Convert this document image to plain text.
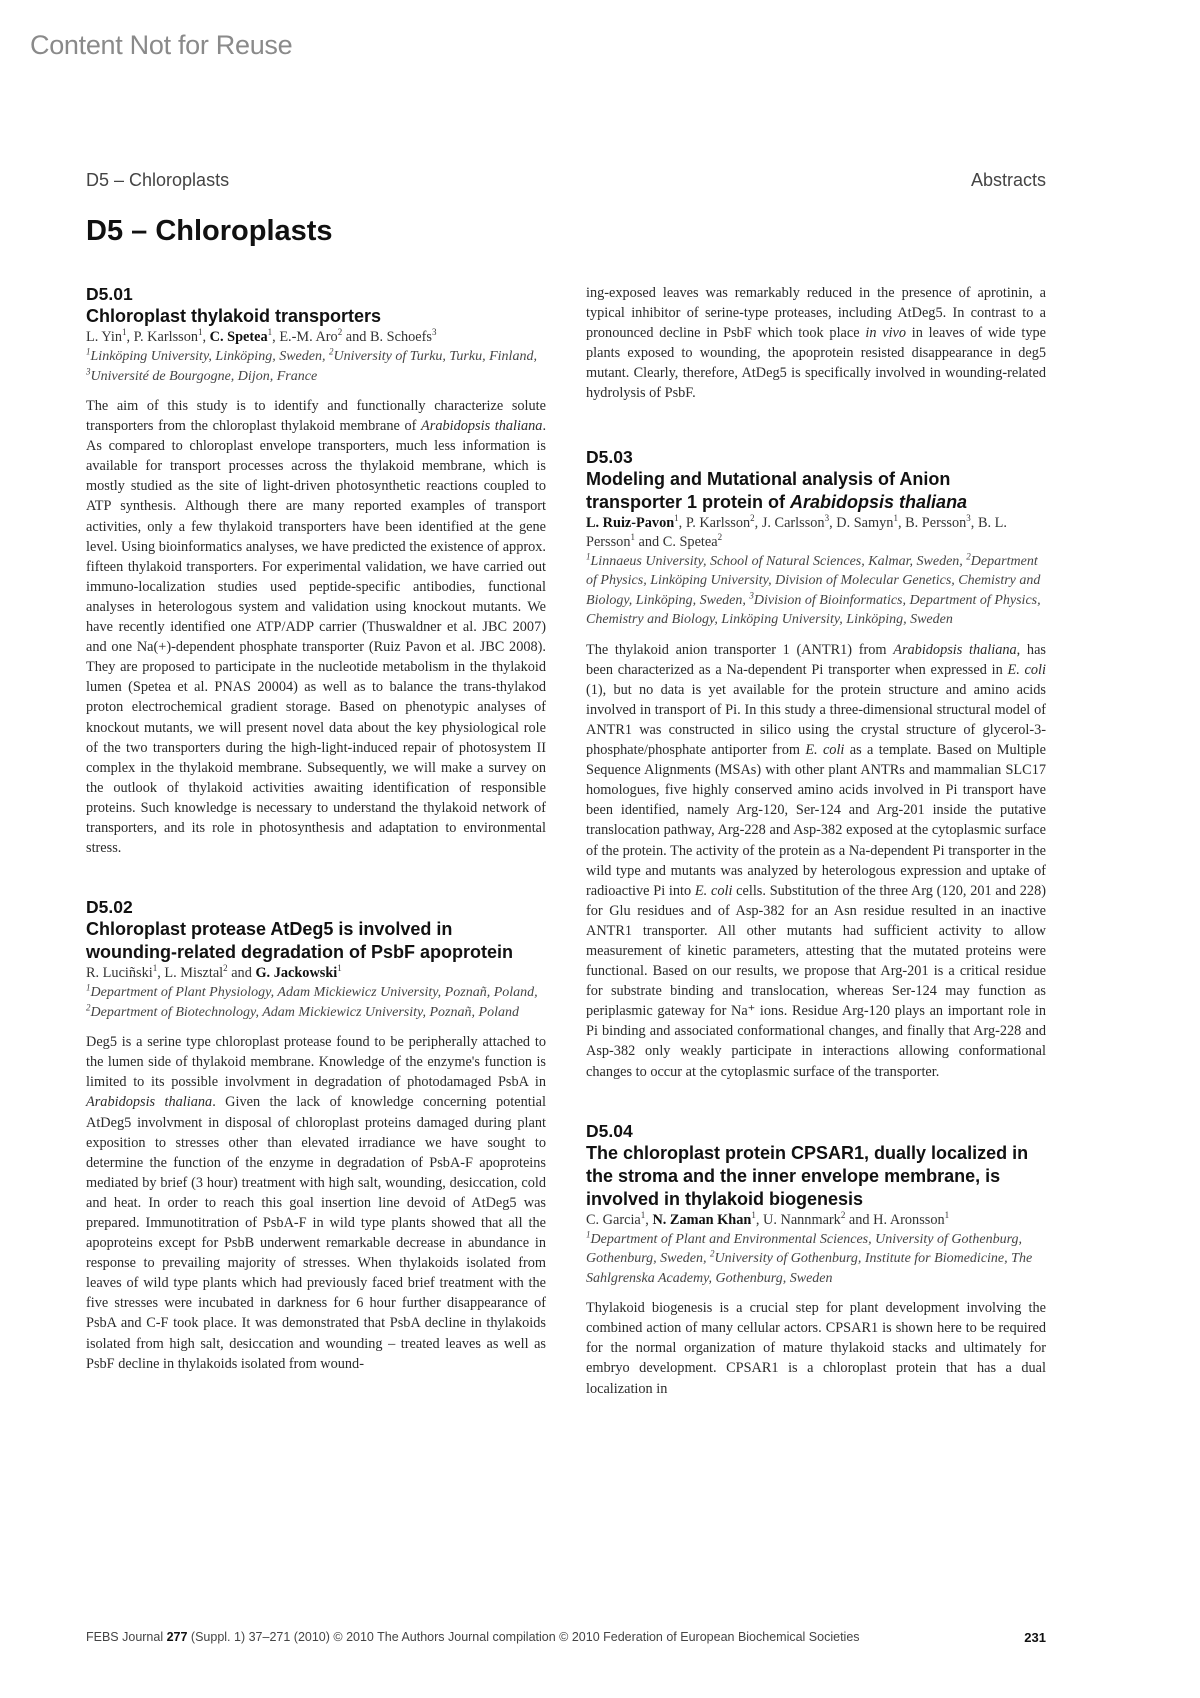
Content Not for Reuse
D5 – Chloroplasts	Abstracts
D5 – Chloroplasts
D5.01
Chloroplast thylakoid transporters
L. Yin$^1$, P. Karlsson$^1$, C. Spetea$^1$, E.-M. Aro$^2$ and B. Schoefs$^3$
$^1$Linköping University, Linköping, Sweden, $^2$University of Turku, Turku, Finland, $^3$Université de Bourgogne, Dijon, France
The aim of this study is to identify and functionally characterize solute transporters from the chloroplast thylakoid membrane of Arabidopsis thaliana. As compared to chloroplast envelope transporters, much less information is available for transport processes across the thylakoid membrane, which is mostly studied as the site of light-driven photosynthetic reactions coupled to ATP synthesis. Although there are many reported examples of transport activities, only a few thylakoid transporters have been identified at the gene level. Using bioinformatics analyses, we have predicted the existence of approx. fifteen thylakoid transporters. For experimental validation, we have carried out immuno-localization studies used peptide-specific antibodies, functional analyses in heterologous system and validation using knockout mutants. We have recently identified one ATP/ADP carrier (Thuswaldner et al. JBC 2007) and one Na(+)-dependent phosphate transporter (Ruiz Pavon et al. JBC 2008). They are proposed to participate in the nucleotide metabolism in the thylakoid lumen (Spetea et al. PNAS 20004) as well as to balance the trans-thylakod proton electrochemical gradient storage. Based on phenotypic analyses of knockout mutants, we will present novel data about the key physiological role of the two transporters during the high-light-induced repair of photosystem II complex in the thylakoid membrane. Subsequently, we will make a survey on the outlook of thylakoid activities awaiting identification of responsible proteins. Such knowledge is necessary to understand the thylakoid network of transporters, and its role in photosynthesis and adaptation to environmental stress.
D5.02
Chloroplast protease AtDeg5 is involved in wounding-related degradation of PsbF apoprotein
R. Luciñski$^1$, L. Misztal$^2$ and G. Jackowski$^1$
$^1$Department of Plant Physiology, Adam Mickiewicz University, Poznañ, Poland, $^2$Department of Biotechnology, Adam Mickiewicz University, Poznañ, Poland
Deg5 is a serine type chloroplast protease found to be peripherally attached to the lumen side of thylakoid membrane. Knowledge of the enzyme's function is limited to its possible involvment in degradation of photodamaged PsbA in Arabidopsis thaliana. Given the lack of knowledge concerning potential AtDeg5 involvment in disposal of chloroplast proteins damaged during plant exposition to stresses other than elevated irradiance we have sought to determine the function of the enzyme in degradation of PsbA-F apoproteins mediated by brief (3 hour) treatment with high salt, wounding, desiccation, cold and heat. In order to reach this goal insertion line devoid of AtDeg5 was prepared. Immunotitration of PsbA-F in wild type plants showed that all the apoproteins except for PsbB underwent remarkable decrease in abundance in response to prevailing majority of stresses. When thylakoids isolated from leaves of wild type plants which had previously faced brief treatment with the five stresses were incubated in darkness for 6 hour further disappearance of PsbA and C-F took place. It was demonstrated that PsbA decline in thylakoids isolated from high salt, desiccation and wounding – treated leaves as well as PsbF decline in thylakoids isolated from wound-
ing-exposed leaves was remarkably reduced in the presence of aprotinin, a typical inhibitor of serine-type proteases, including AtDeg5. In contrast to a pronounced decline in PsbF which took place in vivo in leaves of wide type plants exposed to wounding, the apoprotein resisted disappearance in deg5 mutant. Clearly, therefore, AtDeg5 is specifically involved in wounding-related hydrolysis of PsbF.
D5.03
Modeling and Mutational analysis of Anion transporter 1 protein of Arabidopsis thaliana
L. Ruiz-Pavon$^1$, P. Karlsson$^2$, J. Carlsson$^3$, D. Samyn$^1$, B. Persson$^3$, B. L. Persson$^1$ and C. Spetea$^2$
$^1$Linnaeus University, School of Natural Sciences, Kalmar, Sweden, $^2$Department of Physics, Linköping University, Division of Molecular Genetics, Chemistry and Biology, Linköping, Sweden, $^3$Division of Bioinformatics, Department of Physics, Chemistry and Biology, Linköping University, Linköping, Sweden
The thylakoid anion transporter 1 (ANTR1) from Arabidopsis thaliana, has been characterized as a Na-dependent Pi transporter when expressed in E. coli (1), but no data is yet available for the protein structure and amino acids involved in transport of Pi. In this study a three-dimensional structural model of ANTR1 was constructed in silico using the crystal structure of glycerol-3-phosphate/phosphate antiporter from E. coli as a template. Based on Multiple Sequence Alignments (MSAs) with other plant ANTRs and mammalian SLC17 homologues, five highly conserved amino acids involved in Pi transport have been identified, namely Arg-120, Ser-124 and Arg-201 inside the putative translocation pathway, Arg-228 and Asp-382 exposed at the cytoplasmic surface of the protein. The activity of the protein as a Na-dependent Pi transporter in the wild type and mutants was analyzed by heterologous expression and uptake of radioactive Pi into E. coli cells. Substitution of the three Arg (120, 201 and 228) for Glu residues and of Asp-382 for an Asn residue resulted in an inactive ANTR1 transporter. All other mutants had sufficient activity to allow measurement of kinetic parameters, attesting that the mutated proteins were functional. Based on our results, we propose that Arg-201 is a critical residue for substrate binding and translocation, whereas Ser-124 may function as periplasmic gateway for Na⁺ ions. Residue Arg-120 plays an important role in Pi binding and associated conformational changes, and finally that Arg-228 and Asp-382 only weakly participate in interactions allowing conformational changes to occur at the cytoplasmic surface of the transporter.
D5.04
The chloroplast protein CPSAR1, dually localized in the stroma and the inner envelope membrane, is involved in thylakoid biogenesis
C. Garcia$^1$, N. Zaman Khan$^1$, U. Nannmark$^2$ and H. Aronsson$^1$
$^1$Department of Plant and Environmental Sciences, University of Gothenburg, Gothenburg, Sweden, $^2$University of Gothenburg, Institute for Biomedicine, The Sahlgrenska Academy, Gothenburg, Sweden
Thylakoid biogenesis is a crucial step for plant development involving the combined action of many cellular actors. CPSAR1 is shown here to be required for the normal organization of mature thylakoid stacks and ultimately for embryo development. CPSAR1 is a chloroplast protein that has a dual localization in
FEBS Journal 277 (Suppl. 1) 37–271 (2010) © 2010 The Authors Journal compilation © 2010 Federation of European Biochemical Societies	231
